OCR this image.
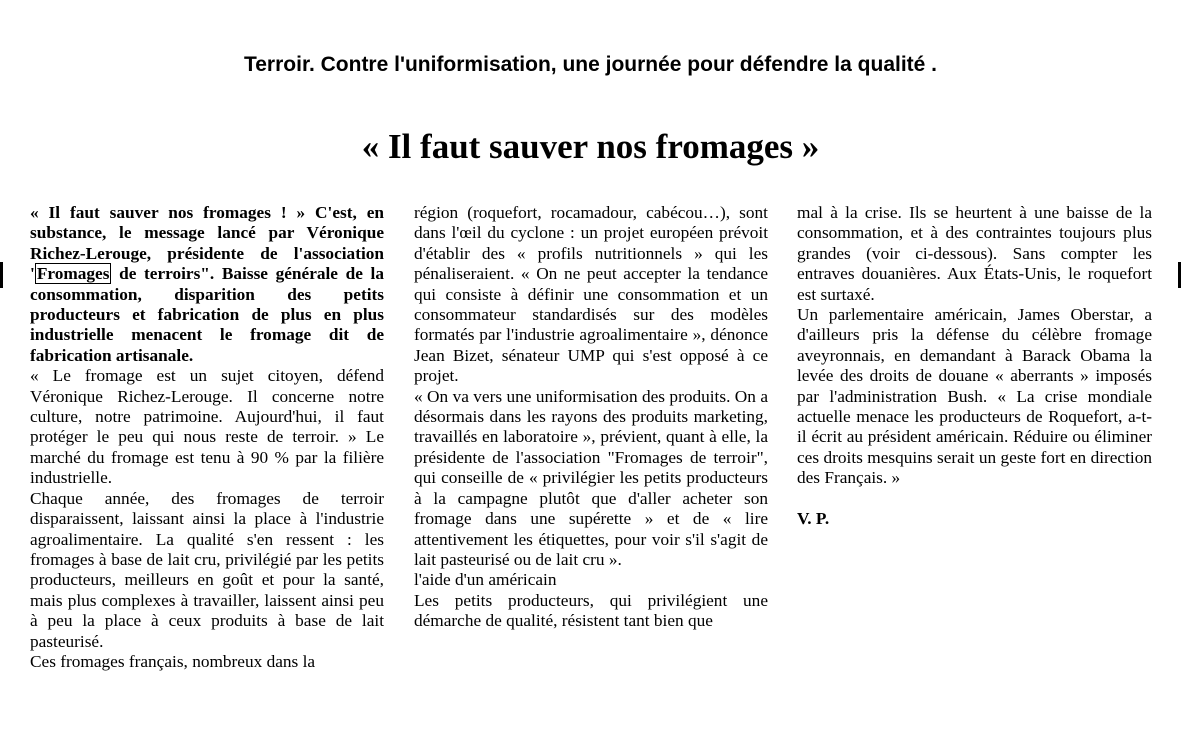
Terroir. Contre l'uniformisation, une journée pour défendre la qualité .
« Il faut sauver nos fromages »

« Il faut sauver nos fromages ! » C'est, en substance, le message lancé par Véronique Richez-Lerouge, présidente de l'association ' Fromages de terroirs". Baisse générale de la consommation, disparition des petits producteurs et fabrication de plus en plus industrielle menacent le fromage dit de fabrication artisanale.

« Le fromage est un sujet citoyen, défend Véronique Richez-Lerouge. Il concerne notre culture, notre patrimoine. Aujourd'hui, il faut protéger le peu qui nous reste de terroir. » Le marché du fromage est tenu à 90 % par la filière industrielle.

Chaque année, des fromages de terroir disparaissent, laissant ainsi la place à l'industrie agroalimentaire. La qualité s'en ressent : les fromages à base de lait cru, privilégié par les petits producteurs, meilleurs en goût et pour la santé, mais plus complexes à travailler, laissent ainsi peu à peu la place à ceux produits à base de lait pasteurisé.

Ces fromages français, nombreux dans la

région (roquefort, rocamadour, cabécou…), sont dans l'œil du cyclone : un projet européen prévoit d'établir des « profils nutritionnels » qui les pénaliseraient. « On ne peut accepter la tendance qui consiste à définir une consommation et un consommateur standardisés sur des modèles formatés par l'industrie agroalimentaire », dénonce Jean Bizet, sénateur UMP qui s'est opposé à ce projet.

« On va vers une uniformisation des produits. On a désormais dans les rayons des produits marketing, travaillés en laboratoire », prévient, quant à elle, la présidente de l'association "Fromages de terroir", qui conseille de « privilégier les petits producteurs à la campagne plutôt que d'aller acheter son fromage dans une supérette » et de « lire attentivement les étiquettes, pour voir s'il s'agit de lait pasteurisé ou de lait cru ».

l'aide d'un américain

Les petits producteurs, qui privilégient une démarche de qualité, résistent tant bien que

mal à la crise. Ils se heurtent à une baisse de la consommation, et à des contraintes toujours plus grandes (voir ci-dessous). Sans compter les entraves douanières. Aux États-Unis, le roquefort est surtaxé.

Un parlementaire américain, James Oberstar, a d'ailleurs pris la défense du célèbre fromage aveyronnais, en demandant à Barack Obama la levée des droits de douane « aberrants » imposés par l'administration Bush. « La crise mondiale actuelle menace les producteurs de Roquefort, a-t-il écrit au président américain. Réduire ou éliminer ces droits mesquins serait un geste fort en direction des Français. »

V. P.
